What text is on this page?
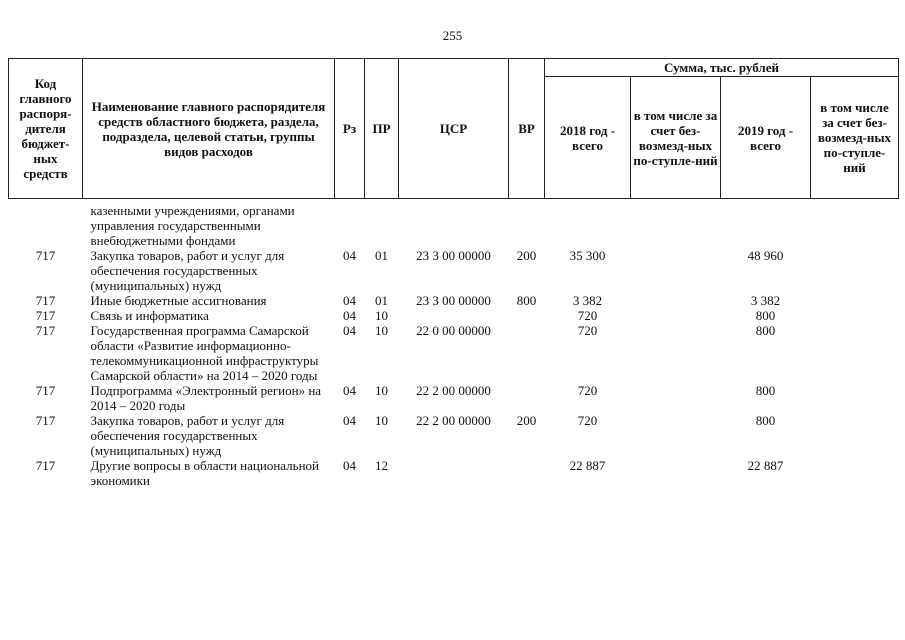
255
Код главного распоря-дителя бюджет-ных средств	Наименование главного распорядителя средств областного бюджета, раздела, подраздела, целевой статьи, группы видов расходов	Рз	ПР	ЦСР	ВР	Сумма, тыс. рублей			
						2018 год - всего	в том числе за счет без-возмезд-ных по-ступле-ний	2019 год - всего	в том числе за счет без-возмезд-ных по-ступле-ний

	казенными учреждениями, органами управления государственными внебюджетными фондами								
717	Закупка товаров, работ и услуг для обеспечения государственных (муниципальных) нужд	04	01	23 3 00 00000	200	35 300		48 960	
717	Иные бюджетные ассигнования	04	01	23 3 00 00000	800	3 382		3 382	
717	Связь и информатика	04	10			720		800	
717	Государственная программа Самарской области «Развитие информационно-телекоммуникационной инфраструктуры Самарской области» на 2014 – 2020 годы	04	10	22 0 00 00000		720		800	
717	Подпрограмма «Электронный регион» на 2014 – 2020 годы	04	10	22 2 00 00000		720		800	
717	Закупка товаров, работ и услуг для обеспечения государственных (муниципальных) нужд	04	10	22 2 00 00000	200	720		800	
717	Другие вопросы в области национальной экономики	04	12			22 887		22 887	
